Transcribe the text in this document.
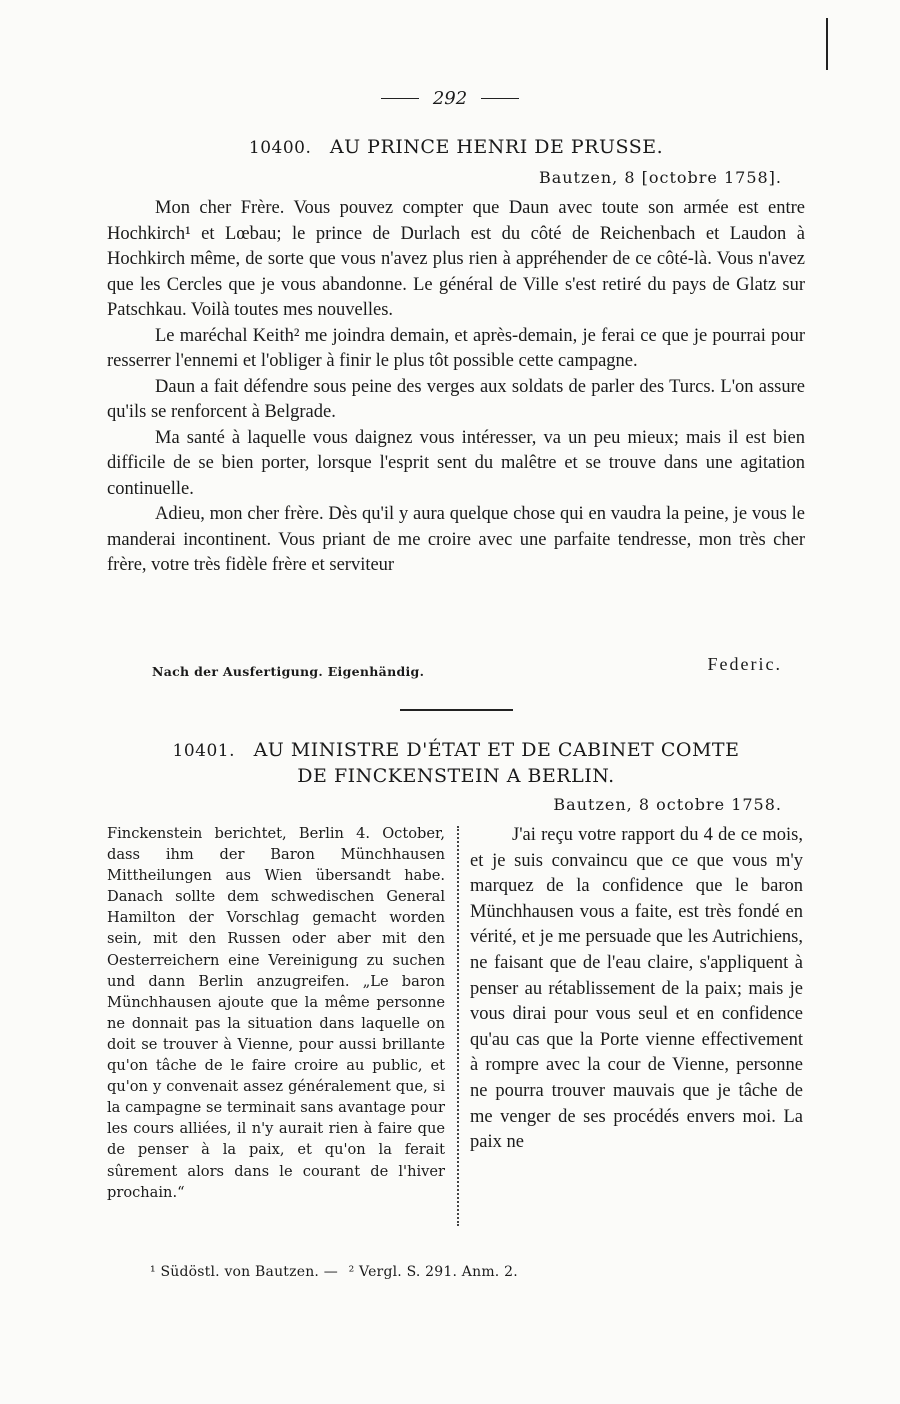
292
10400. AU PRINCE HENRI DE PRUSSE.
Bautzen, 8 [octobre 1758].

Mon cher Frère. Vous pouvez compter que Daun avec toute son armée est entre Hochkirch¹ et Lœbau; le prince de Durlach est du côté de Reichenbach et Laudon à Hochkirch même, de sorte que vous n'avez plus rien à appréhender de ce côté-là. Vous n'avez que les Cercles que je vous abandonne. Le général de Ville s'est retiré du pays de Glatz sur Patschkau. Voilà toutes mes nouvelles.

Le maréchal Keith² me joindra demain, et après-demain, je ferai ce que je pourrai pour resserrer l'ennemi et l'obliger à finir le plus tôt possible cette campagne.

Daun a fait défendre sous peine des verges aux soldats de parler des Turcs. L'on assure qu'ils se renforcent à Belgrade.

Ma santé à laquelle vous daignez vous intéresser, va un peu mieux; mais il est bien difficile de se bien porter, lorsque l'esprit sent du malêtre et se trouve dans une agitation continuelle.

Adieu, mon cher frère. Dès qu'il y aura quelque chose qui en vaudra la peine, je vous le manderai incontinent. Vous priant de me croire avec une parfaite tendresse, mon très cher frère, votre très fidèle frère et serviteur

Nach der Ausfertigung. Eigenhändig.	Federic.
10401. AU MINISTRE D'ÉTAT ET DE CABINET COMTE
DE FINCKENSTEIN A BERLIN.
Bautzen, 8 octobre 1758.

Finckenstein berichtet, Berlin 4. October, dass ihm der Baron Münchhausen Mittheilungen aus Wien übersandt habe. Danach sollte dem schwedischen General Hamilton der Vorschlag gemacht worden sein, mit den Russen oder aber mit den Oesterreichern eine Vereinigung zu suchen und dann Berlin anzugreifen. „Le baron Münchhausen ajoute que la même personne ne donnait pas la situation dans laquelle on doit se trouver à Vienne, pour aussi brillante qu'on tâche de le faire croire au public, et qu'on y convenait assez généralement que, si la campagne se terminait sans avantage pour les cours alliées, il n'y aurait rien à faire que de penser à la paix, et qu'on la ferait sûrement alors dans le courant de l'hiver prochain.“

J'ai reçu votre rapport du 4 de ce mois, et je suis convaincu que ce que vous m'y marquez de la confidence que le baron Münchhausen vous a faite, est très fondé en vérité, et je me persuade que les Autrichiens, ne faisant que de l'eau claire, s'appliquent à penser au rétablissement de la paix; mais je vous dirai pour vous seul et en confidence qu'au cas que la Porte vienne effectivement à rompre avec la cour de Vienne, personne ne pourra trouver mauvais que je tâche de me venger de ses procédés envers moi. La paix ne

¹ Südöstl. von Bautzen. — ² Vergl. S. 291. Anm. 2.
